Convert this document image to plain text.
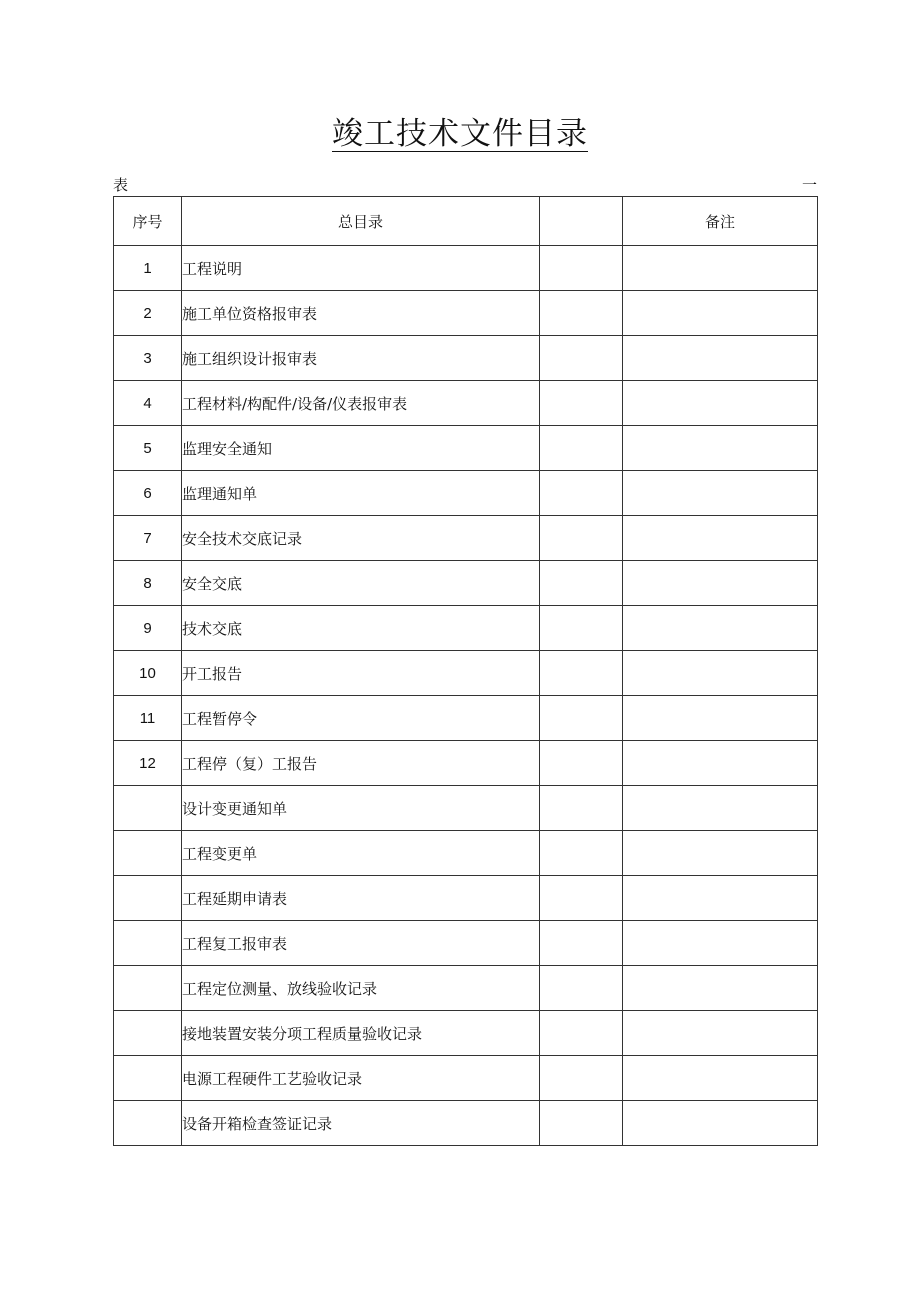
竣工技术文件目录
表	一
序号	总目录		备注
1	工程说明		
2	施工单位资格报审表		
3	施工组织设计报审表		
4	工程材料/构配件/设备/仪表报审表		
5	监理安全通知		
6	监理通知单		
7	安全技术交底记录		
8	安全交底		
9	技术交底		
10	开工报告		
11	工程暂停令		
12	工程停（复）工报告		
	设计变更通知单		
	工程变更单		
	工程延期申请表		
	工程复工报审表		
	工程定位测量、放线验收记录		
	接地装置安装分项工程质量验收记录		
	电源工程硬件工艺验收记录		
	设备开箱检查签证记录		
